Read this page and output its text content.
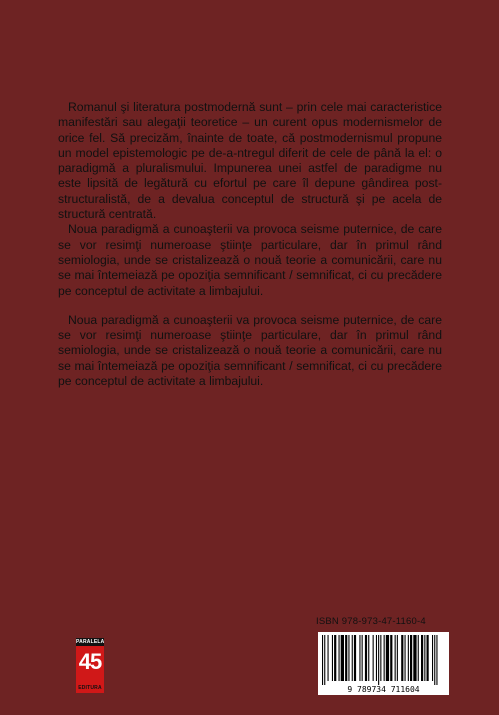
Romanul şi literatura postmodernă sunt – prin cele mai caracteristice manifestări sau alegaţii teoretice – un curent opus modernismelor de orice fel. Să precizăm, înainte de toate, că postmodernismul propune un model epistemologic pe de-a-ntregul diferit de cele de până la el: o paradigmă a pluralismului. Impunerea unei astfel de paradigme nu este lipsită de legătură cu efortul pe care îl depune gândirea post-structuralistă, de a devalua conceptul de structură şi pe acela de structură centrată.

Noua paradigmă a cunoaşterii va provoca seisme puternice, de care se vor resimţi numeroase ştiinţe particulare, dar în primul rând semiologia, unde se cristalizează o nouă teorie a comunicării, care nu se mai întemeiază pe opoziţia semnificant / semnificat, ci cu precădere pe conceptul de activitate a limbajului.

Noua paradigmă a cunoaşterii va provoca seisme puternice, de care se vor resimţi numeroase ştiinţe particulare, dar în primul rând semiologia, unde se cristalizează o nouă teorie a comunicării, care nu se mai întemeiază pe opoziţia semnificant / semnificat, ci cu precădere pe conceptul de activitate a limbajului.

PARALELA
45
EDITURA
ISBN 978-973-47-1160-4
9 789734 711604
